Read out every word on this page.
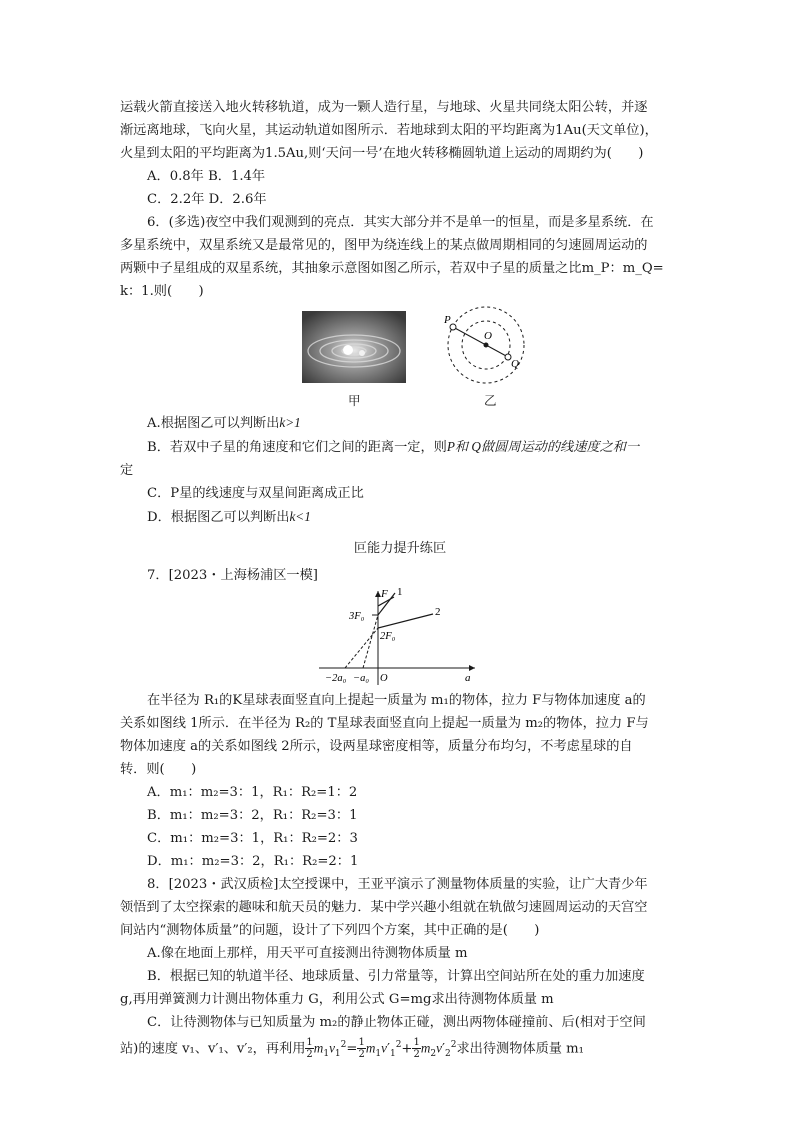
运载火箭直接送入地火转移轨道，成为一颗人造行星，与地球、火星共同绕太阳公转，并逐

渐远离地球，飞向火星，其运动轨道如图所示．若地球到太阳的平均距离为1Au(天文单位)，

火星到太阳的平均距离为1.5Au,则‘天问一号’在地火转移椭圆轨道上运动的周期约为(　　)

A．0.8年 B．1.4年

C．2.2年 D．2.6年

6．(多选)夜空中我们观测到的亮点．其实大部分并不是单一的恒星，而是多星系统．在

多星系统中，双星系统又是最常见的，图甲为绕连线上的某点做周期相同的匀速圆周运动的

两颗中子星组成的双星系统，其抽象示意图如图乙所示，若双中子星的质量之比m_P：m_Q=

k：1.则(　　)

甲
P
O
Q
乙

A.根据图乙可以判断出k>1

B．若双中子星的角速度和它们之间的距离一定，则P和 Q做圆周运动的线速度之和一

定

C．P星的线速度与双星间距离成正比

D．根据图乙可以判断出k<1

叵能力提升练叵

7．[2023・上海杨浦区一模]

F 1
2
3F₀
2F₀
−2a₀ −a₀ O	a

在半径为 R₁的K星球表面竖直向上提起一质量为 m₁的物体，拉力 F与物体加速度 a的

关系如图线 1所示．在半径为 R₂的 T星球表面竖直向上提起一质量为 m₂的物体，拉力 F与

物体加速度 a的关系如图线 2所示，设两星球密度相等，质量分布均匀，不考虑星球的自

转．则(　　)

A．m₁：m₂=3：1，R₁：R₂=1：2

B．m₁：m₂=3：2，R₁：R₂=3：1

C．m₁：m₂=3：1，R₁：R₂=2：3

D．m₁：m₂=3：2，R₁：R₂=2：1

8．[2023・武汉质检]太空授课中，王亚平演示了测量物体质量的实验，让广大青少年

领悟到了太空探索的趣味和航天员的魅力．某中学兴趣小组就在轨做匀速圆周运动的天宫空

间站内“测物体质量”的问题，设计了下列四个方案，其中正确的是(　　)

A.像在地面上那样，用天平可直接测出待测物体质量 m

B．根据已知的轨道半径、地球质量、引力常量等，计算出空间站所在处的重力加速度

g,再用弹簧测力计测出物体重力 G，利用公式 G=mg求出待测物体质量 m

C．让待测物体与已知质量为 m₂的静止物体正碰，测出两物体碰撞前、后(相对于空间

站)的速度 v₁、v′₁、v′₂，再利用 $\frac{1}{2} m_1v_1^2= \frac{1}{2} m_1v'_1^2+ \frac{1}{2} m_2v'_2^2$求出待测物体质量 m₁
